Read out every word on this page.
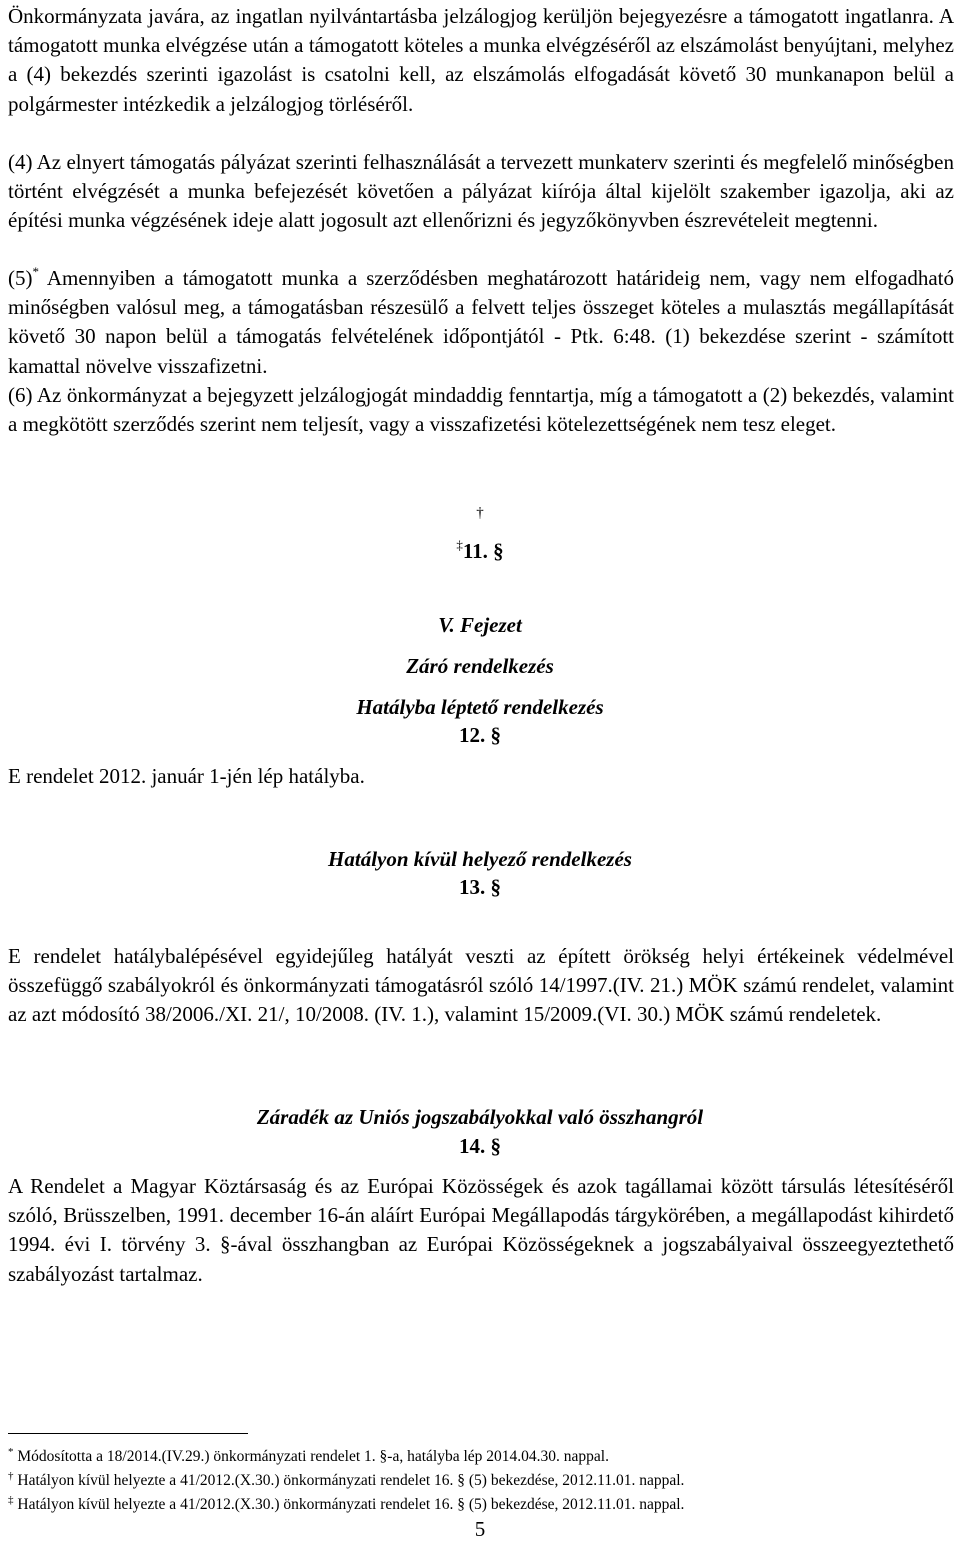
Önkormányzata javára, az ingatlan nyilvántartásba jelzálogjog kerüljön bejegyezésre a támogatott ingatlanra. A támogatott munka elvégzése után a támogatott köteles a munka elvégzéséről az elszámolást benyújtani, melyhez a (4) bekezdés szerinti igazolást is csatolni kell, az elszámolás elfogadását követő 30 munkanapon belül a polgármester intézkedik a jelzálogjog törléséről.

(4) Az elnyert támogatás pályázat szerinti felhasználását a tervezett munkaterv szerinti és megfelelő minőségben történt elvégzését a munka befejezését követően a pályázat kiírója által kijelölt szakember igazolja, aki az építési munka végzésének ideje alatt jogosult azt ellenőrizni és jegyzőkönyvben észrevételeit megtenni.

(5)* Amennyiben a támogatott munka a szerződésben meghatározott határideig nem, vagy nem elfogadható minőségben valósul meg, a támogatásban részesülő a felvett teljes összeget köteles a mulasztás megállapítását követő 30 napon belül a támogatás felvételének időpontjától - Ptk. 6:48. (1) bekezdése szerint - számított kamattal növelve visszafizetni.

(6) Az önkormányzat a bejegyzett jelzálogjogát mindaddig fenntartja, míg a támogatott a (2) bekezdés, valamint a megkötött szerződés szerint nem teljesít, vagy a visszafizetési kötelezettségének nem tesz eleget.

†
‡11. §
V. Fejezet
Záró rendelkezés
Hatályba léptető rendelkezés
12. §
E rendelet 2012. január 1-jén lép hatályba.
Hatályon kívül helyező rendelkezés
13. §

E rendelet hatálybalépésével egyidejűleg hatályát veszti az épített örökség helyi értékeinek védelmével összefüggő szabályokról és önkormányzati támogatásról szóló 14/1997.(IV. 21.) MÖK számú rendelet, valamint az azt módosító 38/2006./XI. 21/, 10/2008. (IV. 1.), valamint 15/2009.(VI. 30.) MÖK számú rendeletek.

Záradék az Uniós jogszabályokkal való összhangról
14. §

A Rendelet a Magyar Köztársaság és az Európai Közösségek és azok tagállamai között társulás létesítéséről szóló, Brüsszelben, 1991. december 16-án aláírt Európai Megállapodás tárgykörében, a megállapodást kihirdető 1994. évi I. törvény 3. §-ával összhangban az Európai Közösségeknek a jogszabályaival összeegyeztethető szabályozást tartalmaz.

* Módosította a 18/2014.(IV.29.) önkormányzati rendelet 1. §-a, hatályba lép 2014.04.30. nappal.
† Hatályon kívül helyezte a 41/2012.(X.30.) önkormányzati rendelet 16. § (5) bekezdése, 2012.11.01. nappal.
‡ Hatályon kívül helyezte a 41/2012.(X.30.) önkormányzati rendelet 16. § (5) bekezdése, 2012.11.01. nappal.
5
